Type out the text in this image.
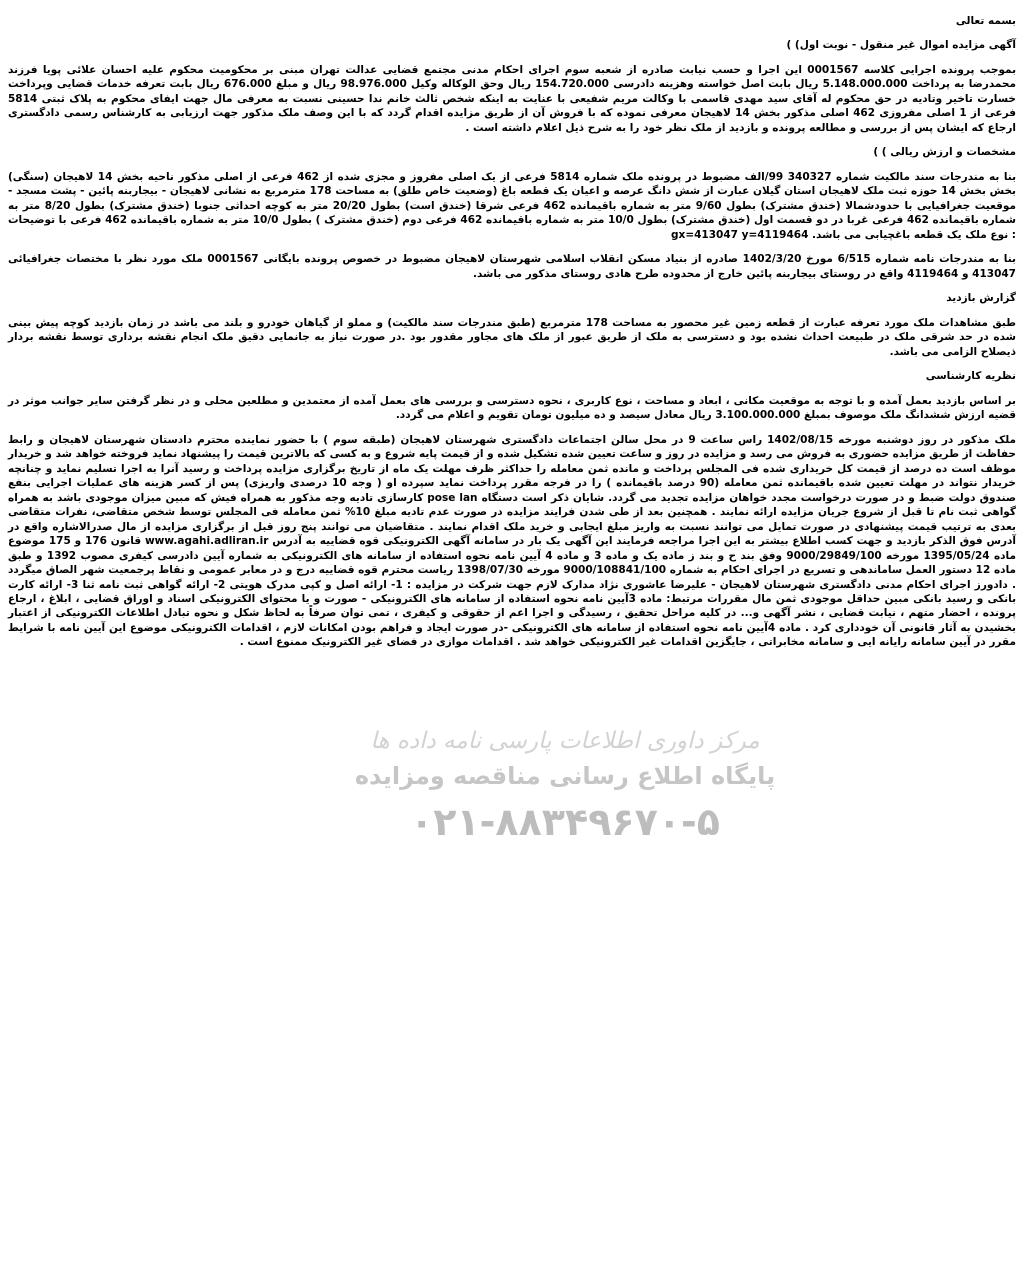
بسمه تعالی
آگهی مزایده اموال غیر منقول - نوبت اول) )
بموجب پرونده اجرایی کلاسه 0001567 این اجرا و حسب نیابت صادره از شعبه سوم اجرای احکام مدنی مجتمع قضایی عدالت تهران مبنی بر محکومیت محکوم علیه احسان علائی پویا فرزند محمدرضا به پرداخت 5.148.000.000 ریال بابت اصل خواسته وهزینه دادرسی 154.720.000 ریال وحق الوکاله وکیل 98.976.000 ریال و مبلغ 676.000 ریال بابت تعرفه خدمات قضایی وپرداخت خسارت تاخیر وتادیه در حق محکوم له آقای سید مهدی قاسمی با وکالت مریم شفیعی با عنایت به اینکه شخص ثالث خانم ندا حسینی نسبت به معرفی مال جهت ایفای محکوم به پلاک ثبتی 5814 فرعی از 1 اصلی مفروزی 462 اصلی مذکور بخش 14 لاهیجان معرفی نموده که با فروش آن از طریق مزایده اقدام گردد که با این وصف ملک مذکور جهت ارزیابی به کارشناس رسمی دادگستری ارجاع که ایشان پس از بررسی و مطالعه پرونده و بازدید از ملک نظر خود را به شرح ذیل اعلام داشته است .
مشخصات و ارزش ریالی ) )
بنا به مندرجات سند مالکیت شماره 340327 99/الف مضبوط در پرونده ملک شماره 5814 فرعی از یک اصلی مفروز و مجزی شده از 462 فرعی از اصلی مذکور ناحیه بخش 14 لاهیجان (سنگی) بخش بخش 14 حوزه ثبت ملک لاهیجان استان گیلان عبارت از شش دانگ عرصه و اعیان یک قطعه باغ (وضعیت خاص طلق) به مساحت 178 مترمربع به نشانی لاهیجان - بیجاربنه پائین - پشت مسجد - موقعیت جغرافیایی با حدودشمالا (خندق مشترک) بطول 9/60 متر به شماره باقیمانده 462 فرعی شرقا (خندق است) بطول 20/20 متر به کوچه احداثی جنوبا (خندق مشترک) بطول 8/20 متر به شماره باقیمانده 462 فرعی غربا در دو قسمت اول (خندق مشترک) بطول 10/0 متر به شماره باقیمانده 462 فرعی دوم (خندق مشترک ) بطول 10/0 متر به شماره باقیمانده 462 فرعی با توضیحات : نوع ملک یک قطعه باغچیابی می باشد. gx=413047 y=4119464
بنا به مندرجات نامه شماره 6/515 مورخ 1402/3/20 صادره از بنیاد مسکن انقلاب اسلامی شهرستان لاهیجان مضبوط در خصوص پرونده بایگانی 0001567 ملک مورد نظر با مختصات جغرافیائی 413047 و 4119464 واقع در روستای بیجاربنه پائین خارج از محدوده طرح هادی روستای مذکور می باشد.
گزارش بازدید
طبق مشاهدات ملک مورد تعرفه عبارت از قطعه زمین غیر محصور به مساحت 178 مترمربع (طبق مندرجات سند مالکیت) و مملو از گیاهان خودرو و بلند می باشد در زمان بازدید کوچه پیش بینی شده در حد شرقی ملک در طبیعت احداث نشده بود و دسترسی به ملک از طریق عبور از ملک های مجاور مقدور بود .در صورت نیاز به جانمایی دقیق ملک انجام نقشه برداری توسط نقشه بردار ذیصلاح الزامی می باشد.
نظریه کارشناسی
بر اساس بازدید بعمل آمده و با توجه به موقعیت مکانی ، ابعاد و مساحت ، نوع کاربری ، نحوه دسترسی و بررسی های بعمل آمده از معتمدین و مطلعین محلی و در نظر گرفتن سایر جوانب موثر در قضیه ارزش ششدانگ ملک موصوف بمبلغ 3.100.000.000 ریال معادل سیصد و ده میلیون تومان تقویم و اعلام می گردد.
ملک مذکور در روز دوشنبه مورخه 1402/08/15 راس ساعت 9 در محل سالن اجتماعات دادگستری شهرستان لاهیجان (طبقه سوم ) با حضور نماینده محترم دادستان شهرستان لاهیجان و رابط حفاظت از طریق مزایده حضوری به فروش می رسد و مزایده در روز و ساعت تعیین شده تشکیل شده و از قیمت پایه شروع و به کسی که بالاترین قیمت را پیشنهاد نماید فروخته خواهد شد و خریدار موظف است ده درصد از قیمت کل خریداری شده فی المجلس پرداخت و مانده ثمن معامله را حداکثر ظرف مهلت یک ماه از تاریخ برگزاری مزایده پرداخت و رسید آنرا به اجرا تسلیم نماید و چنانچه خریدار نتواند در مهلت تعیین شده باقیمانده ثمن معامله (90 درصد باقیمانده ) را در فرجه مقرر پرداخت نماید سپرده او ( وجه 10 درصدی واریزی) پس از کسر هزینه های عملیات اجرایی بنفع صندوق دولت ضبط و در صورت درخواست مجدد خواهان مزایده تجدید می گردد. شایان ذکر است دستگاه pose lan کارسازی تادیه وجه مذکور به همراه فیش که مبین میزان موجودی باشد به همراه گواهی ثبت نام تا قبل از شروع جریان مزایده ارائه نمایند . همچنین بعد از طی شدن فرایند مزایده در صورت عدم تادیه مبلغ 10% ثمن معامله فی المجلس توسط شخص متقاضی، نفرات متقاضی بعدی به ترتیب قیمت پیشنهادی در صورت تمایل می توانند نسبت به واریز مبلغ ایجابی و خرید ملک اقدام نمایند . متقاضیان می توانند پنج روز قبل از برگزاری مزایده از مال صدرالاشاره واقع در آدرس فوق الذکر بازدید و جهت کسب اطلاع بیشتر به این اجرا مراجعه فرمایند این آگهی یک بار در سامانه آگهی الکترونیکی قوه قضاییه به آدرس www.agahi.adliran.ir قانون 176 و 175 موضوع ماده 1395/05/24 مورخه 9000/29849/100 وفق بند ح و بند ز ماده یک و ماده 3 و ماده 4 آیین نامه نحوه استفاده از سامانه های الکترونیکی به شماره آیین دادرسی کیفری مصوب 1392 و طبق ماده 12 دستور العمل ساماندهی و تسریع در اجرای احکام به شماره 9000/108841/100 مورخه 1398/07/30 ریاست محترم قوه قضاییه درج و در معابر عمومی و نقاط پرجمعیت شهر الصاق میگردد . دادورز اجرای احکام مدنی دادگستری شهرستان لاهیجان - علیرضا عاشوری نژاد مدارک لازم جهت شرکت در مزایده : 1- ارائه اصل و کپی مدرک هویتی 2- ارائه گواهی ثبت نامه ثنا 3- ارائه کارت بانکی و رسید بانکی مبین حداقل موجودی ثمن مال مقررات مرتبط: ماده 3آیین نامه نحوه استفاده از سامانه های الکترونیکی - صورت و یا محتوای الکترونیکی اسناد و اوراق قضایی ، ابلاغ ، ارجاع پرونده ، احضار متهم ، نیابت قضایی ، نشر آگهی و... در کلیه مراحل تحقیق ، رسیدگی و اجرا اعم از حقوقی و کیفری ، تمی توان صرفاً به لحاظ شکل و نحوه تبادل اطلاعات الکترونیکی از اعتبار بخشیدن به آثار قانونی آن خودداری کرد . ماده 4آیین نامه نحوه استفاده از سامانه های الکترونیکی -در صورت ایجاد و فراهم بودن امکانات لازم ، اقدامات الکترونیکی موضوع این آیین نامه با شرایط مقرر در آیین سامانه رایانه ایی و سامانه مخابراتی ، جایگزین اقدامات غیر الکترونیکی خواهد شد . اقدامات موازی در فضای غیر الکترونیک ممنوع است .
مرکز داوری اطلاعات پارسی نامه داده ها
پایگاه اطلاع رسانی مناقصه ومزایده
۰۲۱-۸۸۳۴۹۶۷۰-۵
